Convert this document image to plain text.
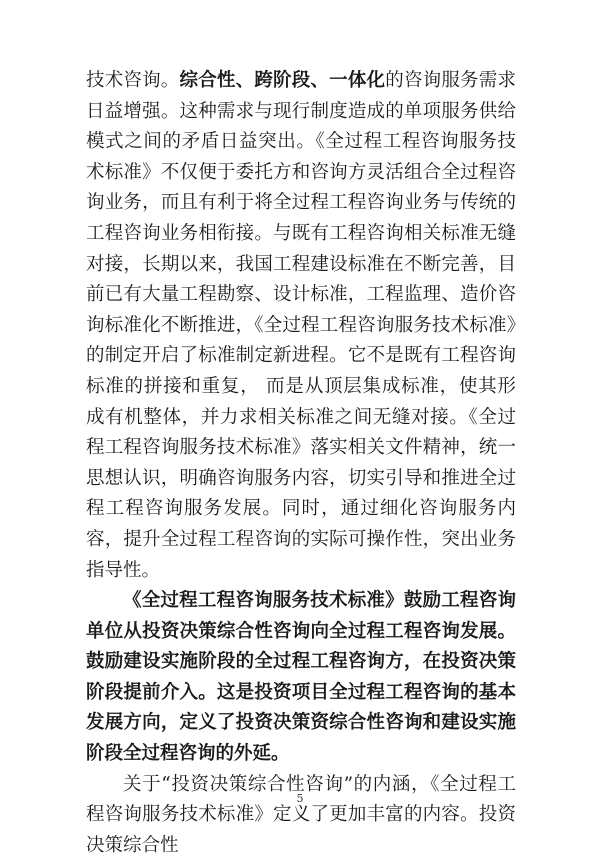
技术咨询。综合性、跨阶段、一体化的咨询服务需求日益增强。这种需求与现行制度造成的单项服务供给模式之间的矛盾日益突出。《全过程工程咨询服务技术标准》不仅便于委托方和咨询方灵活组合全过程咨询业务，而且有利于将全过程工程咨询业务与传统的工程咨询业务相衔接。与既有工程咨询相关标准无缝对接，长期以来，我国工程建设标准在不断完善，目前已有大量工程勘察、设计标准，工程监理、造价咨询标准化不断推进，《全过程工程咨询服务技术标准》的制定开启了标准制定新进程。它不是既有工程咨询标准的拼接和重复， 而是从顶层集成标准，使其形成有机整体，并力求相关标准之间无缝对接。《全过程工程咨询服务技术标准》落实相关文件精神，统一思想认识，明确咨询服务内容，切实引导和推进全过程工程咨询服务发展。同时，通过细化咨询服务内容，提升全过程工程咨询的实际可操作性，突出业务指导性。

《全过程工程咨询服务技术标准》鼓励工程咨询单位从投资决策综合性咨询向全过程工程咨询发展。鼓励建设实施阶段的全过程工程咨询方，在投资决策阶段提前介入。这是投资项目全过程工程咨询的基本发展方向，定义了投资决策资综合性咨询和建设实施阶段全过程咨询的外延。

关于“投资决策综合性咨询”的内涵，《全过程工程咨询服务技术标准》定义了更加丰富的内容。投资决策综合性

5
